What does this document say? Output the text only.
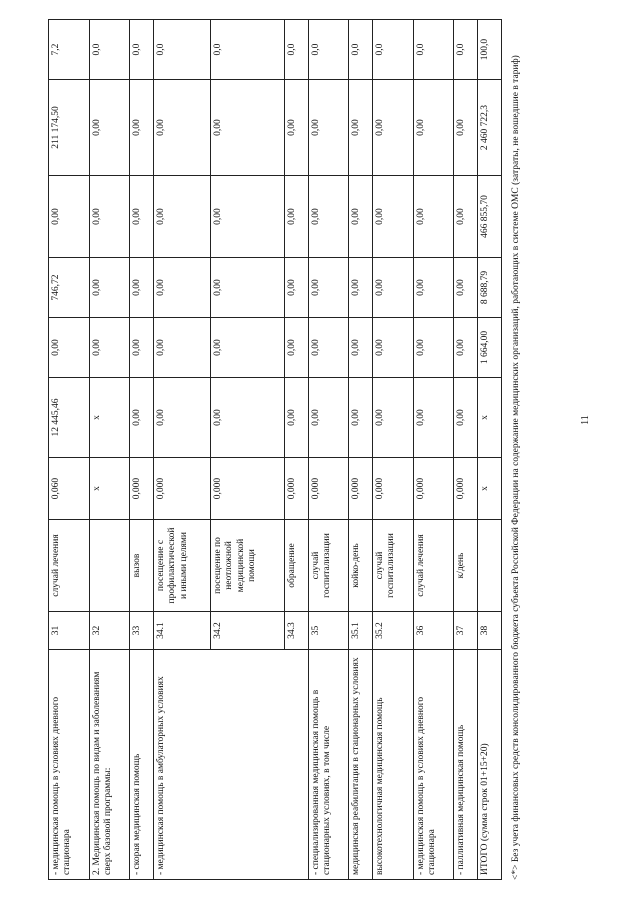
- медицинская помощь в условиях дневного стационара	31	случай лечения	0,060	12 445,46	0,00	746,72	0,00	211 174,50	7,2
2. Медицинская помощь по видам и заболеваниям сверх базовой программы:	32		x	x	0,00	0,00	0,00	0,00	0,0
- скорая медицинская помощь	33	вызов	0,000	0,00	0,00	0,00	0,00	0,00	0,0
- медицинская помощь в амбулаторных условиях	34.1	посещение с профилактической и иными целями	0,000	0,00	0,00	0,00	0,00	0,00	0,0
	34.2	посещение по неотложной медицинской помощи	0,000	0,00	0,00	0,00	0,00	0,00	0,0
	34.3	обращение	0,000	0,00	0,00	0,00	0,00	0,00	0,0
- специализированная медицинская помощь в стационарных условиях, в том числе	35	случай госпитализации	0,000	0,00	0,00	0,00	0,00	0,00	0,0
медицинская реабилитация в стационарных условиях	35.1	койко-день	0,000	0,00	0,00	0,00	0,00	0,00	0,0
высокотехнологичная медицинская помощь	35.2	случай госпитализации	0,000	0,00	0,00	0,00	0,00	0,00	0,0
- медицинская помощь в условиях дневного стационара	36	случай лечения	0,000	0,00	0,00	0,00	0,00	0,00	0,0
- паллиативная медицинская помощь	37	к/день	0,000	0,00	0,00	0,00	0,00	0,00	0,0
ИТОГО (сумма строк 01+15+20)	38		x	x	1 664,00	8 688,79	466 855,70	2 460 722,3	100,0
<*> Без учета финансовых средств консолидированного бюджета субъекта Российской Федерации на содержание медицинских организаций, работающих в системе ОМС (затраты, не вошедшие в тариф)	11
